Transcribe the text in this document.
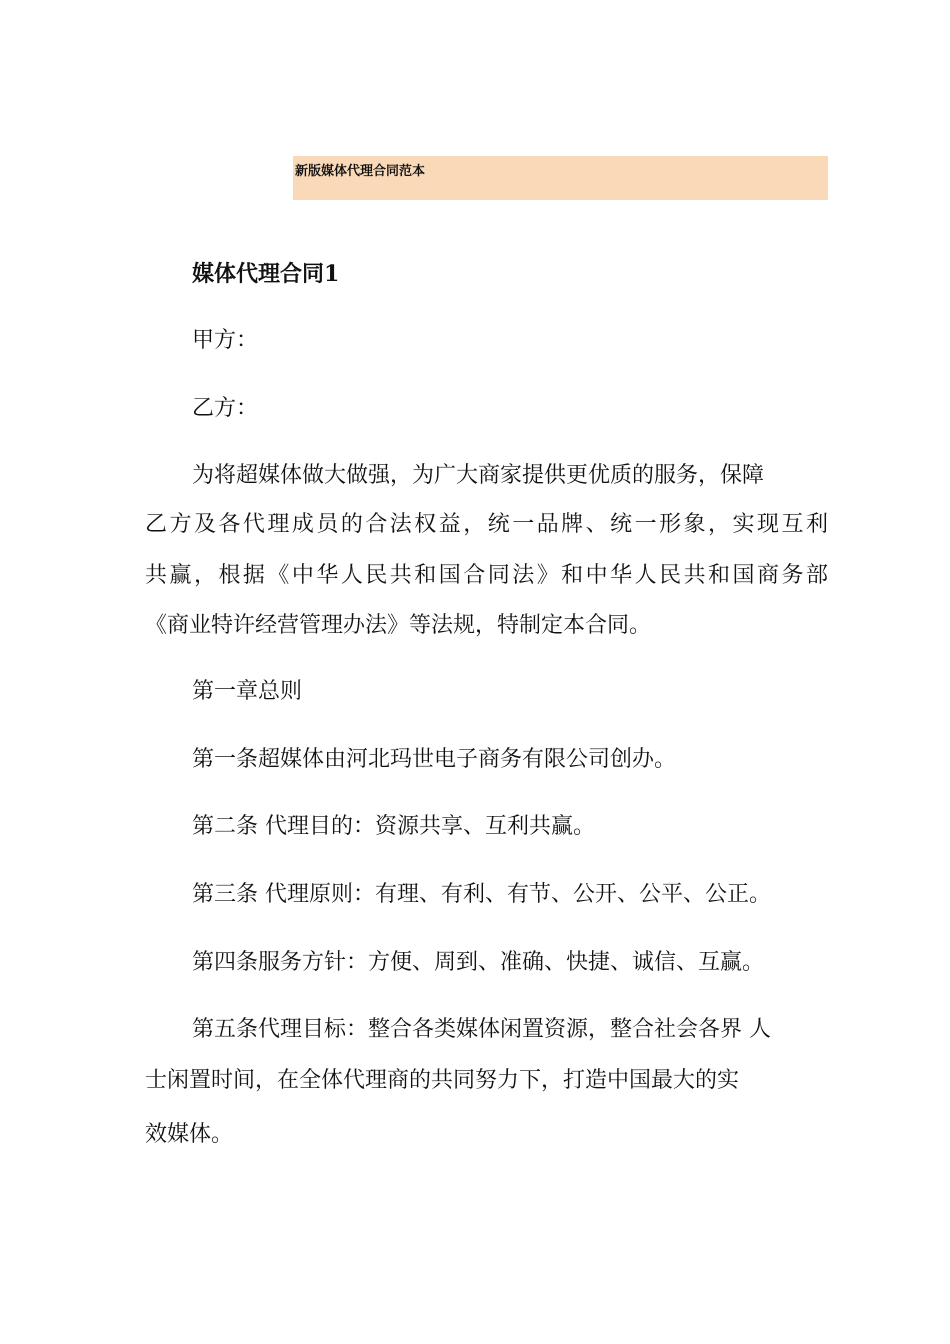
新版媒体代理合同范本
媒体代理合同1
甲方：
乙方：
为将超媒体做大做强，为广大商家提供更优质的服务，保障
乙方及各代理成员的合法权益，统一品牌、统一形象，实现互利
共赢，根据《中华人民共和国合同法》和中华人民共和国商务部
《商业特许经营管理办法》等法规，特制定本合同。
第一章总则
第一条超媒体由河北玛世电子商务有限公司创办。
第二条 代理目的：资源共享、互利共赢。
第三条 代理原则：有理、有利、有节、公开、公平、公正。
第四条服务方针：方便、周到、准确、快捷、诚信、互赢。
第五条代理目标：整合各类媒体闲置资源，整合社会各界 人
士闲置时间，在全体代理商的共同努力下，打造中国最大的实
效媒体。
